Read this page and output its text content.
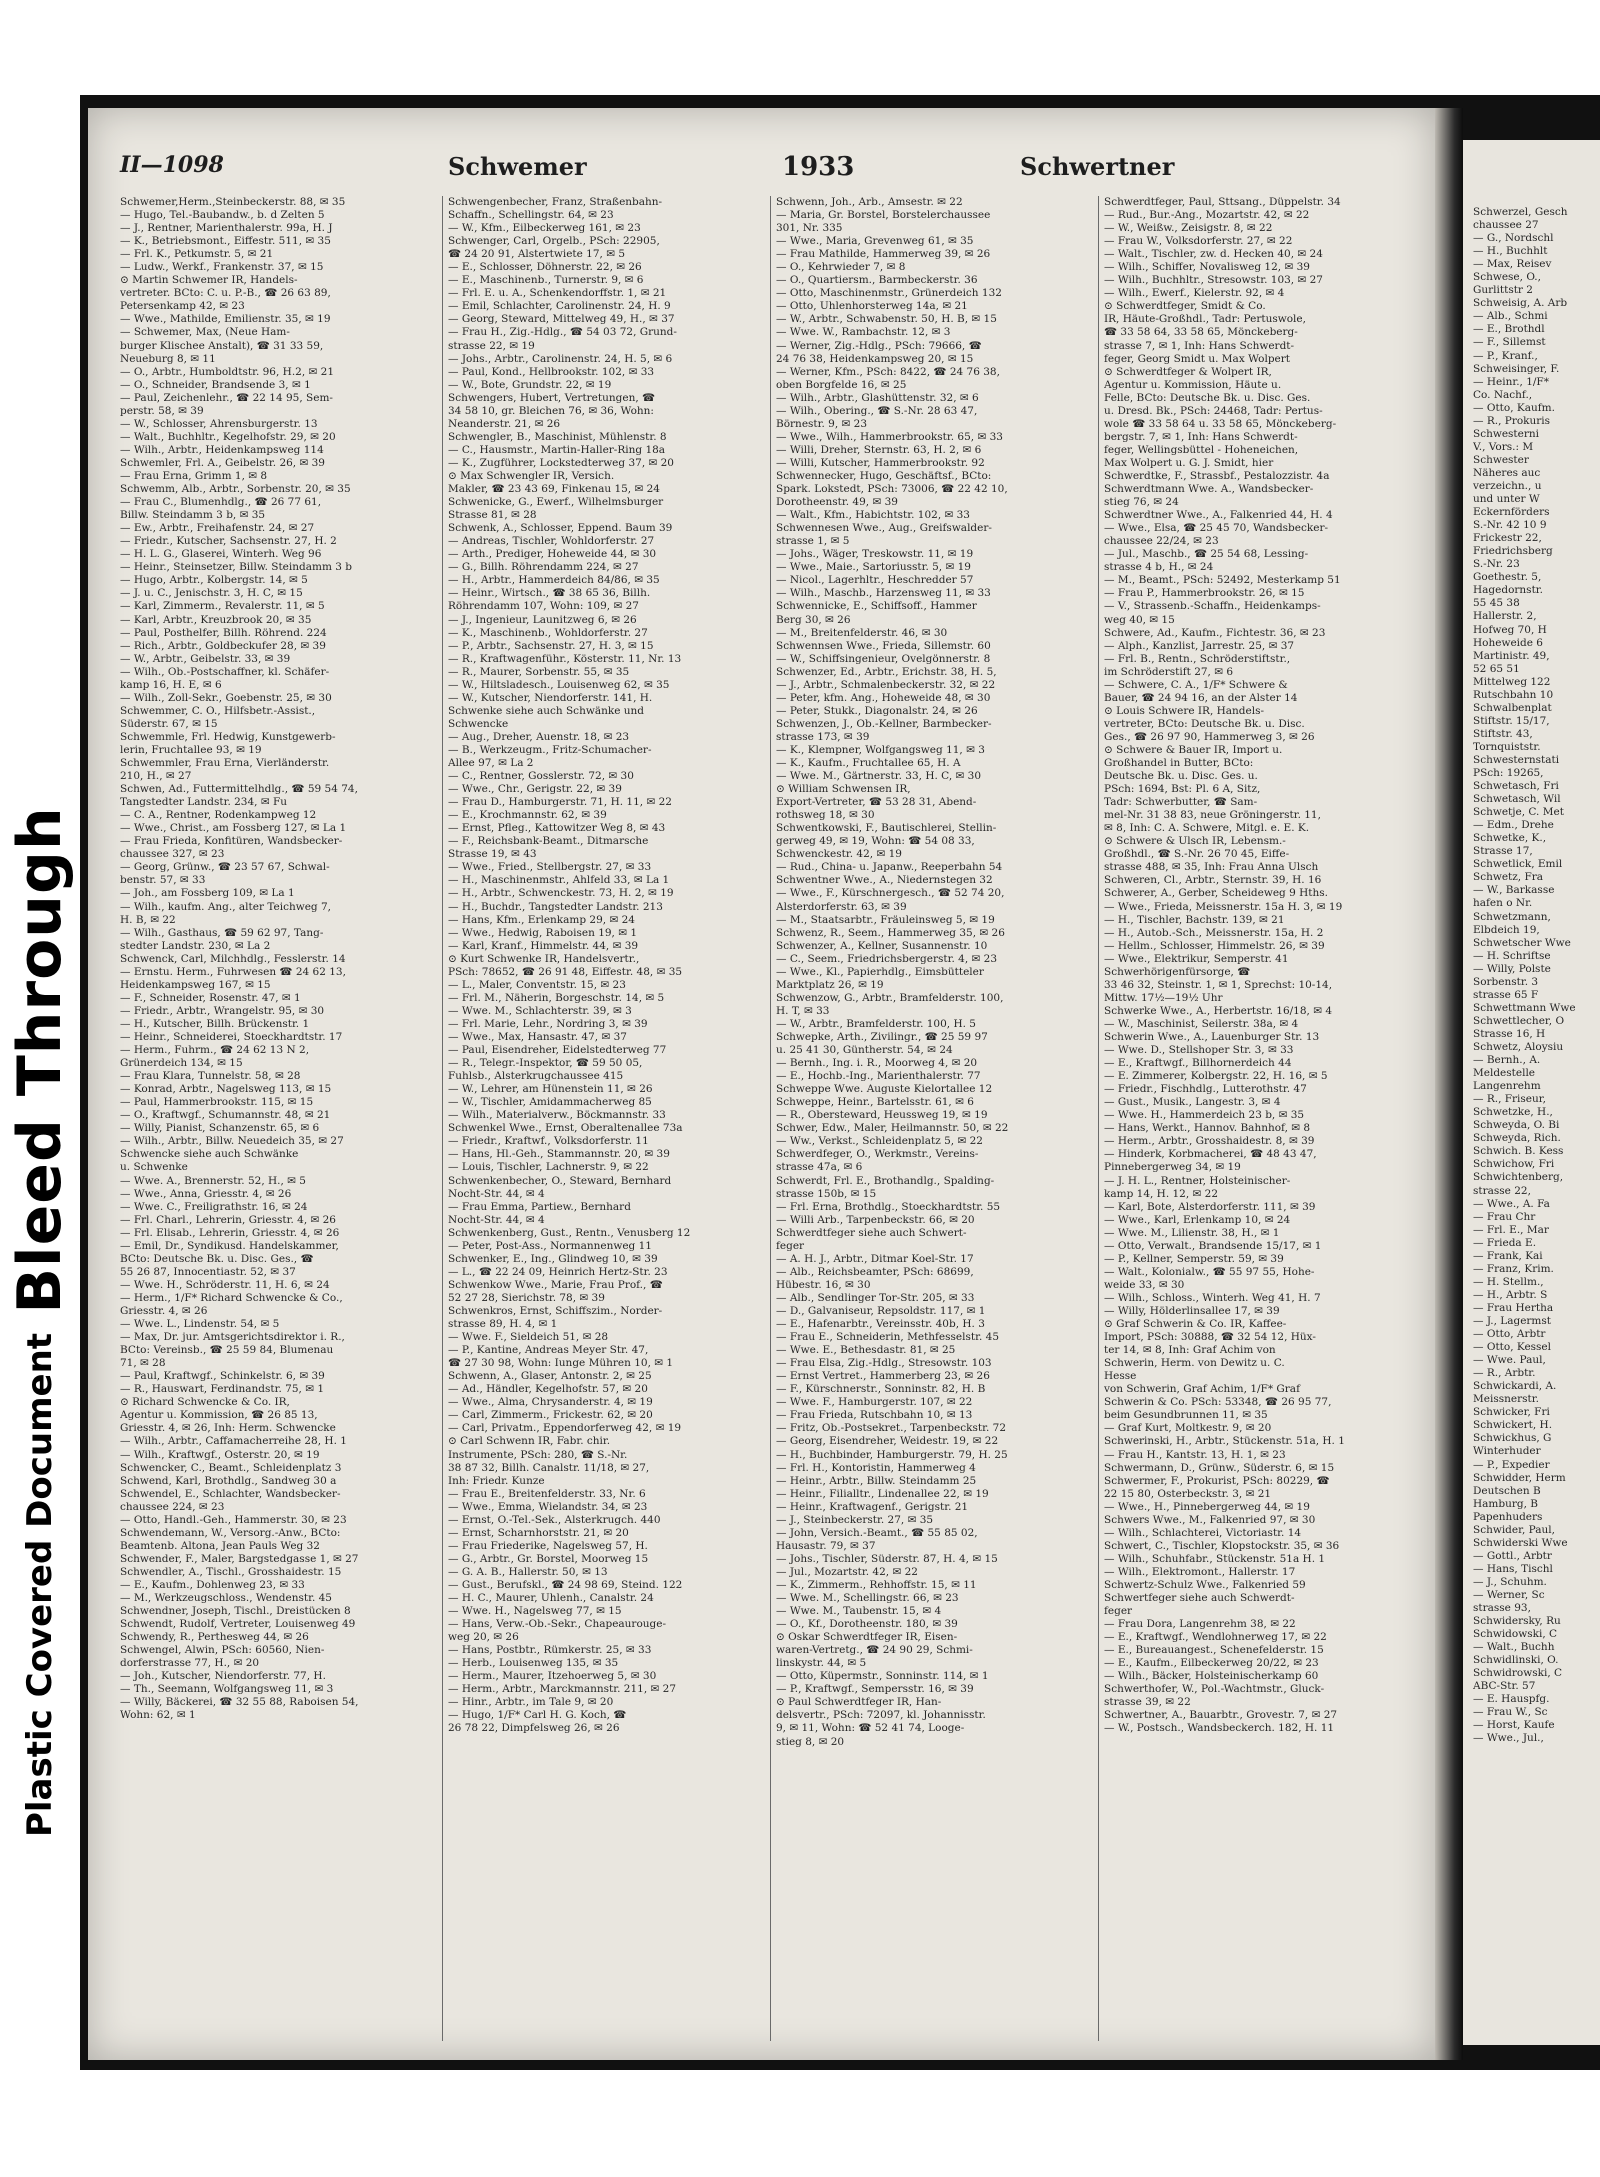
Bleed Through
Plastic Covered Document
II—1098	Schwemer	1933	Schwertner

Schwemer,Herm.,Steinbeckerstr. 88, ✉ 35

— Hugo, Tel.-Baubandw., b. d Zelten 5

— J., Rentner, Marienthalerstr. 99a, H. J

— K., Betriebsmont., Eiffestr. 511, ✉ 35

— Frl. K., Petkumstr. 5, ✉ 21

— Ludw., Werkf., Frankenstr. 37, ✉ 15

⊙ Martin Schwemer IR, Handels-

vertreter. BCto: C. u. P.-B., ☎ 26 63 89,

Petersenkamp 42, ✉ 23

— Wwe., Mathilde, Emilienstr. 35, ✉ 19

— Schwemer, Max, (Neue Ham-

burger Klischee Anstalt), ☎ 31 33 59,

Neueburg 8, ✉ 11

— O., Arbtr., Humboldtstr. 96, H.2, ✉ 21

— O., Schneider, Brandsende 3, ✉ 1

— Paul, Zeichenlehr., ☎ 22 14 95, Sem-

perstr. 58, ✉ 39

— W., Schlosser, Ahrensburgerstr. 13

— Walt., Buchhltr., Kegelhofstr. 29, ✉ 20

— Wilh., Arbtr., Heidenkampsweg 114

Schwemler, Frl. A., Geibelstr. 26, ✉ 39

— Frau Erna, Grimm 1, ✉ 8

Schwemm, Alb., Arbtr., Sorbenstr. 20, ✉ 35

— Frau C., Blumenhdlg., ☎ 26 77 61,

Billw. Steindamm 3 b, ✉ 35

— Ew., Arbtr., Freihafenstr. 24, ✉ 27

— Friedr., Kutscher, Sachsenstr. 27, H. 2

— H. L. G., Glaserei, Winterh. Weg 96

— Heinr., Steinsetzer, Billw. Steindamm 3 b

— Hugo, Arbtr., Kolbergstr. 14, ✉ 5

— J. u. C., Jenischstr. 3, H. C, ✉ 15

— Karl, Zimmerm., Revalerstr. 11, ✉ 5

— Karl, Arbtr., Kreuzbrook 20, ✉ 35

— Paul, Posthelfer, Billh. Röhrend. 224

— Rich., Arbtr., Goldbeckufer 28, ✉ 39

— W., Arbtr., Geibelstr. 33, ✉ 39

— Wilh., Ob.-Postschaffner, kl. Schäfer-

kamp 16, H. E, ✉ 6

— Wilh., Zoll-Sekr., Goebenstr. 25, ✉ 30

Schwemmer, C. O., Hilfsbetr.-Assist.,

Süderstr. 67, ✉ 15

Schwemmle, Frl. Hedwig, Kunstgewerb-

lerin, Fruchtallee 93, ✉ 19

Schwemmler, Frau Erna, Vierländerstr.

210, H., ✉ 27

Schwen, Ad., Futtermittelhdlg., ☎ 59 54 74,

Tangstedter Landstr. 234, ✉ Fu

— C. A., Rentner, Rodenkampweg 12

— Wwe., Christ., am Fossberg 127, ✉ La 1

— Frau Frieda, Konfitüren, Wandsbecker-

chaussee 327, ✉ 23

— Georg, Grünw., ☎ 23 57 67, Schwal-

benstr. 57, ✉ 33

— Joh., am Fossberg 109, ✉ La 1

— Wilh., kaufm. Ang., alter Teichweg 7,

H. B, ✉ 22

— Wilh., Gasthaus, ☎ 59 62 97, Tang-

stedter Landstr. 230, ✉ La 2

Schwenck, Carl, Milchhdlg., Fesslerstr. 14

— Ernstu. Herm., Fuhrwesen ☎ 24 62 13,

Heidenkampsweg 167, ✉ 15

— F., Schneider, Rosenstr. 47, ✉ 1

— Friedr., Arbtr., Wrangelstr. 95, ✉ 30

— H., Kutscher, Billh. Brückenstr. 1

— Heinr., Schneiderei, Stoeckhardtstr. 17

— Herm., Fuhrm., ☎ 24 62 13 N 2,

Grünerdeich 134, ✉ 15

— Frau Klara, Tunnelstr. 58, ✉ 28

— Konrad, Arbtr., Nagelsweg 113, ✉ 15

— Paul, Hammerbrookstr. 115, ✉ 15

— O., Kraftwgf., Schumannstr. 48, ✉ 21

— Willy, Pianist, Schanzenstr. 65, ✉ 6

— Wilh., Arbtr., Billw. Neuedeich 35, ✉ 27

Schwencke siehe auch Schwänke

u. Schwenke

— Wwe. A., Brennerstr. 52, H., ✉ 5

— Wwe., Anna, Griesstr. 4, ✉ 26

— Wwe. C., Freiligrathstr. 16, ✉ 24

— Frl. Charl., Lehrerin, Griesstr. 4, ✉ 26

— Frl. Elisab., Lehrerin, Griesstr. 4, ✉ 26

— Emil, Dr., Syndikusd. Handelskammer,

BCto: Deutsche Bk. u. Disc. Ges., ☎

55 26 87, Innocentiastr. 52, ✉ 37

— Wwe. H., Schröderstr. 11, H. 6, ✉ 24

— Herm., 1/F* Richard Schwencke & Co.,

Griesstr. 4, ✉ 26

— Wwe. L., Lindenstr. 54, ✉ 5

— Max, Dr. jur. Amtsgerichtsdirektor i. R.,

BCto: Vereinsb., ☎ 25 59 84, Blumenau

71, ✉ 28

— Paul, Kraftwgf., Schinkelstr. 6, ✉ 39

— R., Hauswart, Ferdinandstr. 75, ✉ 1

⊙ Richard Schwencke & Co. IR,

Agentur u. Kommission, ☎ 26 85 13,

Griesstr. 4, ✉ 26, Inh: Herm. Schwencke

— Wilh., Arbtr., Caffamacherreihe 28, H. 1

— Wilh., Kraftwgf., Osterstr. 20, ✉ 19

Schwencker, C., Beamt., Schleidenplatz 3

Schwend, Karl, Brothdlg., Sandweg 30 a

Schwendel, E., Schlachter, Wandsbecker-

chaussee 224, ✉ 23

— Otto, Handl.-Geh., Hammerstr. 30, ✉ 23

Schwendemann, W., Versorg.-Anw., BCto:

Beamtenb. Altona, Jean Pauls Weg 32

Schwender, F., Maler, Bargstedgasse 1, ✉ 27

Schwendler, A., Tischl., Grosshaidestr. 15

— E., Kaufm., Dohlenweg 23, ✉ 33

— M., Werkzeugschloss., Wendenstr. 45

Schwendner, Joseph, Tischl., Dreistücken 8

Schwendt, Rudolf, Vertreter, Louisenweg 49

Schwendy, R., Perthesweg 44, ✉ 26

Schwengel, Alwin, PSch: 60560, Nien-

dorferstrasse 77, H., ✉ 20

— Joh., Kutscher, Niendorferstr. 77, H.

— Th., Seemann, Wolfgangsweg 11, ✉ 3

— Willy, Bäckerei, ☎ 32 55 88, Raboisen 54,

Wohn: 62, ✉ 1

Schwengenbecher, Franz, Straßenbahn-

Schaffn., Schellingstr. 64, ✉ 23

— W., Kfm., Eilbeckerweg 161, ✉ 23

Schwenger, Carl, Orgelb., PSch: 22905,

☎ 24 20 91, Alstertwiete 17, ✉ 5

— E., Schlosser, Döhnerstr. 22, ✉ 26

— E., Maschinenb., Turnerstr. 9, ✉ 6

— Frl. E. u. A., Schenkendorffstr. 1, ✉ 21

— Emil, Schlachter, Carolinenstr. 24, H. 9

— Georg, Steward, Mittelweg 49, H., ✉ 37

— Frau H., Zig.-Hdlg., ☎ 54 03 72, Grund-

strasse 22, ✉ 19

— Johs., Arbtr., Carolinenstr. 24, H. 5, ✉ 6

— Paul, Kond., Hellbrookstr. 102, ✉ 33

— W., Bote, Grundstr. 22, ✉ 19

Schwengers, Hubert, Vertretungen, ☎

34 58 10, gr. Bleichen 76, ✉ 36, Wohn:

Neanderstr. 21, ✉ 26

Schwengler, B., Maschinist, Mühlenstr. 8

— C., Hausmstr., Martin-Haller-Ring 18a

— K., Zugführer, Lockstedterweg 37, ✉ 20

⊙ Max Schwengler IR, Versich.

Makler, ☎ 23 43 69, Finkenau 15, ✉ 24

Schwenicke, G., Ewerf., Wilhelmsburger

Strasse 81, ✉ 28

Schwenk, A., Schlosser, Eppend. Baum 39

— Andreas, Tischler, Wohldorferstr. 27

— Arth., Prediger, Hoheweide 44, ✉ 30

— G., Billh. Röhrendamm 224, ✉ 27

— H., Arbtr., Hammerdeich 84/86, ✉ 35

— Heinr., Wirtsch., ☎ 38 65 36, Billh.

Röhrendamm 107, Wohn: 109, ✉ 27

— J., Ingenieur, Launitzweg 6, ✉ 26

— K., Maschinenb., Wohldorferstr. 27

— P., Arbtr., Sachsenstr. 27, H. 3, ✉ 15

— R., Kraftwagenführ., Kösterstr. 11, Nr. 13

— R., Maurer, Sorbenstr. 55, ✉ 35

— W., Hiltsladesch., Louisenweg 62, ✉ 35

— W., Kutscher, Niendorferstr. 141, H.

Schwenke siehe auch Schwänke und

Schwencke

— Aug., Dreher, Auenstr. 18, ✉ 23

— B., Werkzeugm., Fritz-Schumacher-

Allee 97, ✉ La 2

— C., Rentner, Gosslerstr. 72, ✉ 30

— Wwe., Chr., Gerigstr. 22, ✉ 39

— Frau D., Hamburgerstr. 71, H. 11, ✉ 22

— E., Krochmannstr. 62, ✉ 39

— Ernst, Pfleg., Kattowitzer Weg 8, ✉ 43

— F., Reichsbank-Beamt., Ditmarsche

Strasse 19, ✉ 43

— Wwe., Fried., Stellbergstr. 27, ✉ 33

— H., Maschinenmstr., Ahlfeld 33, ✉ La 1

— H., Arbtr., Schwenckestr. 73, H. 2, ✉ 19

— H., Buchdr., Tangstedter Landstr. 213

— Hans, Kfm., Erlenkamp 29, ✉ 24

— Wwe., Hedwig, Raboisen 19, ✉ 1

— Karl, Kranf., Himmelstr. 44, ✉ 39

⊙ Kurt Schwenke IR, Handelsvertr.,

PSch: 78652, ☎ 26 91 48, Eiffestr. 48, ✉ 35

— L., Maler, Conventstr. 15, ✉ 23

— Frl. M., Näherin, Borgeschstr. 14, ✉ 5

— Wwe. M., Schlachterstr. 39, ✉ 3

— Frl. Marie, Lehr., Nordring 3, ✉ 39

— Wwe., Max, Hansastr. 47, ✉ 37

— Paul, Eisendreher, Eidelstedterweg 77

— R., Telegr.-Inspektor, ☎ 59 50 05,

Fuhlsb., Alsterkrugchaussee 415

— W., Lehrer, am Hünenstein 11, ✉ 26

— W., Tischler, Amidammacherweg 85

— Wilh., Materialverw., Böckmannstr. 33

Schwenkel Wwe., Ernst, Oberaltenallee 73a

— Friedr., Kraftwf., Volksdorferstr. 11

— Hans, Hl.-Geh., Stammannstr. 20, ✉ 39

— Louis, Tischler, Lachnerstr. 9, ✉ 22

Schwenkenbecher, O., Steward, Bernhard

Nocht-Str. 44, ✉ 4

— Frau Emma, Partiew., Bernhard

Nocht-Str. 44, ✉ 4

Schwenkenberg, Gust., Rentn., Venusberg 12

— Peter, Post-Ass., Normannenweg 11

Schwenker, E., Ing., Glindweg 10, ✉ 39

— L., ☎ 22 24 09, Heinrich Hertz-Str. 23

Schwenkow Wwe., Marie, Frau Prof., ☎

52 27 28, Sierichstr. 78, ✉ 39

Schwenkros, Ernst, Schiffszim., Norder-

strasse 89, H. 4, ✉ 1

— Wwe. F., Sieldeich 51, ✉ 28

— P., Kantine, Andreas Meyer Str. 47,

☎ 27 30 98, Wohn: Iunge Mühren 10, ✉ 1

Schwenn, A., Glaser, Antonstr. 2, ✉ 25

— Ad., Händler, Kegelhofstr. 57, ✉ 20

— Wwe., Alma, Chrysanderstr. 4, ✉ 19

— Carl, Zimmerm., Frickestr. 62, ✉ 20

— Carl, Privatm., Eppendorferweg 42, ✉ 19

⊙ Carl Schwenn IR, Fabr. chir.

Instrumente, PSch: 280, ☎ S.-Nr.

38 87 32, Billh. Canalstr. 11/18, ✉ 27,

Inh: Friedr. Kunze

— Frau E., Breitenfelderstr. 33, Nr. 6

— Wwe., Emma, Wielandstr. 34, ✉ 23

— Ernst, O.-Tel.-Sek., Alsterkrugch. 440

— Ernst, Scharnhorststr. 21, ✉ 20

— Frau Friederike, Nagelsweg 57, H.

— G., Arbtr., Gr. Borstel, Moorweg 15

— G. A. B., Hallerstr. 50, ✉ 13

— Gust., Berufskl., ☎ 24 98 69, Steind. 122

— H. C., Maurer, Uhlenh., Canalstr. 24

— Wwe. H., Nagelsweg 77, ✉ 15

— Hans, Verw.-Ob.-Sekr., Chapeaurouge-

weg 20, ✉ 26

— Hans, Postbtr., Rümkerstr. 25, ✉ 33

— Herb., Louisenweg 135, ✉ 35

— Herm., Maurer, Itzehoerweg 5, ✉ 30

— Herm., Arbtr., Marckmannstr. 211, ✉ 27

— Hinr., Arbtr., im Tale 9, ✉ 20

— Hugo, 1/F* Carl H. G. Koch, ☎

26 78 22, Dimpfelsweg 26, ✉ 26

Schwenn, Joh., Arb., Amsestr. ✉ 22

— Maria, Gr. Borstel, Borstelerchaussee

301, Nr. 335

— Wwe., Maria, Grevenweg 61, ✉ 35

— Frau Mathilde, Hammerweg 39, ✉ 26

— O., Kehrwieder 7, ✉ 8

— O., Quartiersm., Barmbeckerstr. 36

— Otto, Maschinenmstr., Grünerdeich 132

— Otto, Uhlenhorsterweg 14a, ✉ 21

— W., Arbtr., Schwabenstr. 50, H. B, ✉ 15

— Wwe. W., Rambachstr. 12, ✉ 3

— Werner, Zig.-Hdlg., PSch: 79666, ☎

24 76 38, Heidenkampsweg 20, ✉ 15

— Werner, Kfm., PSch: 8422, ☎ 24 76 38,

oben Borgfelde 16, ✉ 25

— Wilh., Arbtr., Glashüttenstr. 32, ✉ 6

— Wilh., Obering., ☎ S.-Nr. 28 63 47,

Börnestr. 9, ✉ 23

— Wwe., Wilh., Hammerbrookstr. 65, ✉ 33

— Willi, Dreher, Sternstr. 63, H. 2, ✉ 6

— Willi, Kutscher, Hammerbrookstr. 92

Schwennecker, Hugo, Geschäftsf., BCto:

Spark. Lokstedt, PSch: 73006, ☎ 22 42 10,

Dorotheenstr. 49, ✉ 39

— Walt., Kfm., Habichtstr. 102, ✉ 33

Schwennesen Wwe., Aug., Greifswalder-

strasse 1, ✉ 5

— Johs., Wäger, Treskowstr. 11, ✉ 19

— Wwe., Maie., Sartoriusstr. 5, ✉ 19

— Nicol., Lagerhltr., Heschredder 57

— Wilh., Maschb., Harzensweg 11, ✉ 33

Schwennicke, E., Schiffsoff., Hammer

Berg 30, ✉ 26

— M., Breitenfelderstr. 46, ✉ 30

Schwennsen Wwe., Frieda, Sillemstr. 60

— W., Schiffsingenieur, Ovelgönnerstr. 8

Schwenzer, Ed., Arbtr., Erichstr. 38, H. 5,

— J., Arbtr., Schmalenbeckerstr. 32, ✉ 22

— Peter, kfm. Ang., Hoheweide 48, ✉ 30

— Peter, Stukk., Diagonalstr. 24, ✉ 26

Schwenzen, J., Ob.-Kellner, Barmbecker-

strasse 173, ✉ 39

— K., Klempner, Wolfgangsweg 11, ✉ 3

— K., Kaufm., Fruchtallee 65, H. A

— Wwe. M., Gärtnerstr. 33, H. C, ✉ 30

⊙ William Schwensen IR,

Export-Vertreter, ☎ 53 28 31, Abend-

rothsweg 18, ✉ 30

Schwentkowski, F., Bautischlerei, Stellin-

gerweg 49, ✉ 19, Wohn: ☎ 54 08 33,

Schwenckestr. 42, ✉ 19

— Rud., China- u. Japanw., Reeperbahn 54

Schwentner Wwe., A., Niedernstegen 32

— Wwe., F., Kürschnergesch., ☎ 52 74 20,

Alsterdorferstr. 63, ✉ 39

— M., Staatsarbtr., Fräuleinsweg 5, ✉ 19

Schwenz, R., Seem., Hammerweg 35, ✉ 26

Schwenzer, A., Kellner, Susannenstr. 10

— C., Seem., Friedrichsbergerstr. 4, ✉ 23

— Wwe., Kl., Papierhdlg., Eimsbütteler

Marktplatz 26, ✉ 19

Schwenzow, G., Arbtr., Bramfelderstr. 100,

H. T, ✉ 33

— W., Arbtr., Bramfelderstr. 100, H. 5

Schwepke, Arth., Zivilingr., ☎ 25 59 97

u. 25 41 30, Güntherstr. 54, ✉ 24

— Bernh., Ing. i. R., Moorweg 4, ✉ 20

— E., Hochb.-Ing., Marienthalerstr. 77

Schweppe Wwe. Auguste Kielortallee 12

Schweppe, Heinr., Bartelsstr. 61, ✉ 6

— R., Obersteward, Heussweg 19, ✉ 19

Schwer, Edw., Maler, Heilmannstr. 50, ✉ 22

— Ww., Verkst., Schleidenplatz 5, ✉ 22

Schwerdfeger, O., Werkmstr., Vereins-

strasse 47a, ✉ 6

Schwerdt, Frl. E., Brothandlg., Spalding-

strasse 150b, ✉ 15

— Frl. Erna, Brothdlg., Stoeckhardtstr. 55

— Willi Arb., Tarpenbeckstr. 66, ✉ 20

Schwerdtfeger siehe auch Schwert-

feger

— A. H. J., Arbtr., Ditmar Koel-Str. 17

— Alb., Reichsbeamter, PSch: 68699,

Hübestr. 16, ✉ 30

— Alb., Sendlinger Tor-Str. 205, ✉ 33

— D., Galvaniseur, Repsoldstr. 117, ✉ 1

— E., Hafenarbtr., Vereinsstr. 40b, H. 3

— Frau E., Schneiderin, Methfesselstr. 45

— Wwe. E., Bethesdastr. 81, ✉ 25

— Frau Elsa, Zig.-Hdlg., Stresowstr. 103

— Ernst Vertret., Hammerberg 23, ✉ 26

— F., Kürschnerstr., Sonninstr. 82, H. B

— Wwe. F., Hamburgerstr. 107, ✉ 22

— Frau Frieda, Rutschbahn 10, ✉ 13

— Fritz, Ob.-Postsekret., Tarpenbeckstr. 72

— Georg, Eisendreher, Weidestr. 19, ✉ 22

— H., Buchbinder, Hamburgerstr. 79, H. 25

— Frl. H., Kontoristin, Hammerweg 4

— Heinr., Arbtr., Billw. Steindamm 25

— Heinr., Filialltr., Lindenallee 22, ✉ 19

— Heinr., Kraftwagenf., Gerigstr. 21

— J., Steinbeckerstr. 27, ✉ 35

— John, Versich.-Beamt., ☎ 55 85 02,

Hausastr. 79, ✉ 37

— Johs., Tischler, Süderstr. 87, H. 4, ✉ 15

— Jul., Mozartstr. 42, ✉ 22

— K., Zimmerm., Rehhoffstr. 15, ✉ 11

— Wwe. M., Schellingstr. 66, ✉ 23

— Wwe. M., Taubenstr. 15, ✉ 4

— O., Kf., Dorotheenstr. 180, ✉ 39

⊙ Oskar Schwerdtfeger IR, Eisen-

waren-Vertretg., ☎ 24 90 29, Schmi-

linskystr. 44, ✉ 5

— Otto, Küpermstr., Sonninstr. 114, ✉ 1

— P., Kraftwgf., Sempersstr. 16, ✉ 39

⊙ Paul Schwerdtfeger IR, Han-

delsvertr., PSch: 72097, kl. Johannisstr.

9, ✉ 11, Wohn: ☎ 52 41 74, Looge-

stieg 8, ✉ 20

Schwerdtfeger, Paul, Sttsang., Düppelstr. 34

— Rud., Bur.-Ang., Mozartstr. 42, ✉ 22

— W., Weißw., Zeisigstr. 8, ✉ 22

— Frau W., Volksdorferstr. 27, ✉ 22

— Walt., Tischler, zw. d. Hecken 40, ✉ 24

— Wilh., Schiffer, Novalisweg 12, ✉ 39

— Wilh., Buchhltr., Stresowstr. 103, ✉ 27

— Wilh., Ewerf., Kielerstr. 92, ✉ 4

⊙ Schwerdtfeger, Smidt & Co.

IR, Häute-Großhdl., Tadr: Pertuswole,

☎ 33 58 64, 33 58 65, Mönckeberg-

strasse 7, ✉ 1, Inh: Hans Schwerdt-

feger, Georg Smidt u. Max Wolpert

⊙ Schwerdtfeger & Wolpert IR,

Agentur u. Kommission, Häute u.

Felle, BCto: Deutsche Bk. u. Disc. Ges.

u. Dresd. Bk., PSch: 24468, Tadr: Pertus-

wole ☎ 33 58 64 u. 33 58 65, Mönckeberg-

bergstr. 7, ✉ 1, Inh: Hans Schwerdt-

feger, Wellingsbüttel - Hoheneichen,

Max Wolpert u. G. J. Smidt, hier

Schwerdtke, F., Strassbf., Pestalozzistr. 4a

Schwerdtmann Wwe. A., Wandsbecker-

stieg 76, ✉ 24

Schwerdtner Wwe., A., Falkenried 44, H. 4

— Wwe., Elsa, ☎ 25 45 70, Wandsbecker-

chaussee 22/24, ✉ 23

— Jul., Maschb., ☎ 25 54 68, Lessing-

strasse 4 b, H., ✉ 24

— M., Beamt., PSch: 52492, Mesterkamp 51

— Frau P., Hammerbrookstr. 26, ✉ 15

— V., Strassenb.-Schaffn., Heidenkamps-

weg 40, ✉ 15

Schwere, Ad., Kaufm., Fichtestr. 36, ✉ 23

— Alph., Kanzlist, Jarrestr. 25, ✉ 37

— Frl. B., Rentn., Schröderstiftstr.,

im Schröderstift 27, ✉ 6

— Schwere, C. A., 1/F* Schwere &

Bauer, ☎ 24 94 16, an der Alster 14

⊙ Louis Schwere IR, Handels-

vertreter, BCto: Deutsche Bk. u. Disc.

Ges., ☎ 26 97 90, Hammerweg 3, ✉ 26

⊙ Schwere & Bauer IR, Import u.

Großhandel in Butter, BCto:

Deutsche Bk. u. Disc. Ges. u.

PSch: 1694, Bst: Pl. 6 A, Sitz,

Tadr: Schwerbutter, ☎ Sam-

mel-Nr. 31 38 83, neue Gröningerstr. 11,

✉ 8, Inh: C. A. Schwere, Mitgl. e. E. K.

⊙ Schwere & Ulsch IR, Lebensm.-

Großhdl., ☎ S.-Nr. 26 70 45, Eiffe-

strasse 488, ✉ 35, Inh: Frau Anna Ulsch

Schweren, Cl., Arbtr., Sternstr. 39, H. 16

Schwerer, A., Gerber, Scheideweg 9 Hths.

— Wwe., Frieda, Meissnerstr. 15a H. 3, ✉ 19

— H., Tischler, Bachstr. 139, ✉ 21

— H., Autob.-Sch., Meissnerstr. 15a, H. 2

— Hellm., Schlosser, Himmelstr. 26, ✉ 39

— Wwe., Elektrikur, Semperstr. 41

Schwerhörigenfürsorge, ☎

33 46 32, Steinstr. 1, ✉ 1, Sprechst: 10-14,

Mittw. 17½—19½ Uhr

Schwerke Wwe., A., Herbertstr. 16/18, ✉ 4

— W., Maschinist, Seilerstr. 38a, ✉ 4

Schwerin Wwe., A., Lauenburger Str. 13

— Wwe. D., Stellshoper Str. 3, ✉ 33

— E., Kraftwgf., Billhornerdeich 44

— E. Zimmerer, Kolbergstr. 22, H. 16, ✉ 5

— Friedr., Fischhdlg., Lutterothstr. 47

— Gust., Musik., Langestr. 3, ✉ 4

— Wwe. H., Hammerdeich 23 b, ✉ 35

— Hans, Werkt., Hannov. Bahnhof, ✉ 8

— Herm., Arbtr., Grosshaidestr. 8, ✉ 39

— Hinderk, Korbmacherei, ☎ 48 43 47,

Pinnebergerweg 34, ✉ 19

— J. H. L., Rentner, Holsteinischer-

kamp 14, H. 12, ✉ 22

— Karl, Bote, Alsterdorferstr. 111, ✉ 39

— Wwe., Karl, Erlenkamp 10, ✉ 24

— Wwe. M., Lilienstr. 38, H., ✉ 1

— Otto, Verwalt., Brandsende 15/17, ✉ 1

— P., Kellner, Semperstr. 59, ✉ 39

— Walt., Kolonialw., ☎ 55 97 55, Hohe-

weide 33, ✉ 30

— Wilh., Schloss., Winterh. Weg 41, H. 7

— Willy, Hölderlinsallee 17, ✉ 39

⊙ Graf Schwerin & Co. IR, Kaffee-

Import, PSch: 30888, ☎ 32 54 12, Hüx-

ter 14, ✉ 8, Inh: Graf Achim von

Schwerin, Herm. von Dewitz u. C.

Hesse

von Schwerin, Graf Achim, 1/F* Graf

Schwerin & Co. PSch: 53348, ☎ 26 95 77,

beim Gesundbrunnen 11, ✉ 35

— Graf Kurt, Moltkestr. 9, ✉ 20

Schwerinski, H., Arbtr., Stückenstr. 51a, H. 1

— Frau H., Kantstr. 13, H. 1, ✉ 23

Schwermann, D., Grünw., Süderstr. 6, ✉ 15

Schwermer, F., Prokurist, PSch: 80229, ☎

22 15 80, Osterbeckstr. 3, ✉ 21

— Wwe., H., Pinnebergerweg 44, ✉ 19

Schwers Wwe., M., Falkenried 97, ✉ 30

— Wilh., Schlachterei, Victoriastr. 14

Schwert, C., Tischler, Klopstockstr. 35, ✉ 36

— Wilh., Schuhfabr., Stückenstr. 51a H. 1

— Wilh., Elektromont., Hallerstr. 17

Schwertz-Schulz Wwe., Falkenried 59

Schwertfeger siehe auch Schwerdt-

feger

— Frau Dora, Langenrehm 38, ✉ 22

— E., Kraftwgf., Wendlohnerweg 17, ✉ 22

— E., Bureauangest., Schenefelderstr. 15

— E., Kaufm., Eilbeckerweg 20/22, ✉ 23

— Wilh., Bäcker, Holsteinischerkamp 60

Schwerthofer, W., Pol.-Wachtmstr., Gluck-

strasse 39, ✉ 22

Schwertner, A., Bauarbtr., Grovestr. 7, ✉ 27

— W., Postsch., Wandsbeckerch. 182, H. 11

Schwerzel, Gesch

chaussee 27

— G., Nordschl

— H., Buchhlt

— Max, Reisev

Schwese, O.,

Gurlittstr 2

Schweisig, A. Arb

— Alb., Schmi

— E., Brothdl

— F., Sillemst

— P., Kranf.,

Schweisinger, F.

— Heinr., 1/F*

Co. Nachf.,

— Otto, Kaufm.

— R., Prokuris

Schwesterni

V., Vors.: M

Schwester

Näheres auc

verzeichn., u

und unter W

Eckernförders

S.-Nr. 42 10 9

Frickestr 22,

Friedrichsberg

S.-Nr. 23

Goethestr. 5,

Hagedornstr.

55 45 38

Hallerstr. 2,

Hofweg 70, H

Hoheweide 6

Martinistr. 49,

52 65 51

Mittelweg 122

Rutschbahn 10

Schwalbenplat

Stiftstr. 15/17,

Stiftstr. 43,

Tornquiststr.

Schwesternstati

PSch: 19265,

Schwetasch, Fri

Schwetasch, Wil

Schwetje, C. Met

— Edm., Drehe

Schwetke, K.,

Strasse 17,

Schwetlick, Emil

Schwetz, Fra

— W., Barkasse

hafen o Nr.

Schwetzmann,

Elbdeich 19,

Schwetscher Wwe

— H. Schriftse

— Willy, Polste

Sorbenstr. 3

strasse 65 F

Schwettmann Wwe

Schwettlecher, O

Strasse 16, H

Schwetz, Aloysiu

— Bernh., A.

Meldestelle

Langenrehm

— R., Friseur,

Schwetzke, H.,

Schweyda, O. Bi

Schweyda, Rich.

Schwich. B. Kess

Schwichow, Fri

Schwichtenberg,

strasse 22,

— Wwe., A. Fa

— Frau Chr

— Frl. E., Mar

— Frieda E.

— Frank, Kai

— Franz, Krim.

— H. Stellm.,

— H., Arbtr. S

— Frau Hertha

— J., Lagermst

— Otto, Arbtr

— Otto, Kessel

— Wwe. Paul,

— R., Arbtr.

Schwickardi, A.

Meissnerstr.

Schwicker, Fri

Schwickert, H.

Schwickhus, G

Winterhuder

— P., Expedier

Schwidder, Herm

Deutschen B

Hamburg, B

Papenhuders

Schwider, Paul,

Schwiderski Wwe

— Gottl., Arbtr

— Hans, Tischl

— J., Schuhm.

— Werner, Sc

strasse 93,

Schwidersky, Ru

Schwidowski, C

— Walt., Buchh

Schwidlinski, O.

Schwidrowski, C

ABC-Str. 57

— E. Hauspfg.

— Frau W., Sc

— Horst, Kaufe

— Wwe., Jul.,
